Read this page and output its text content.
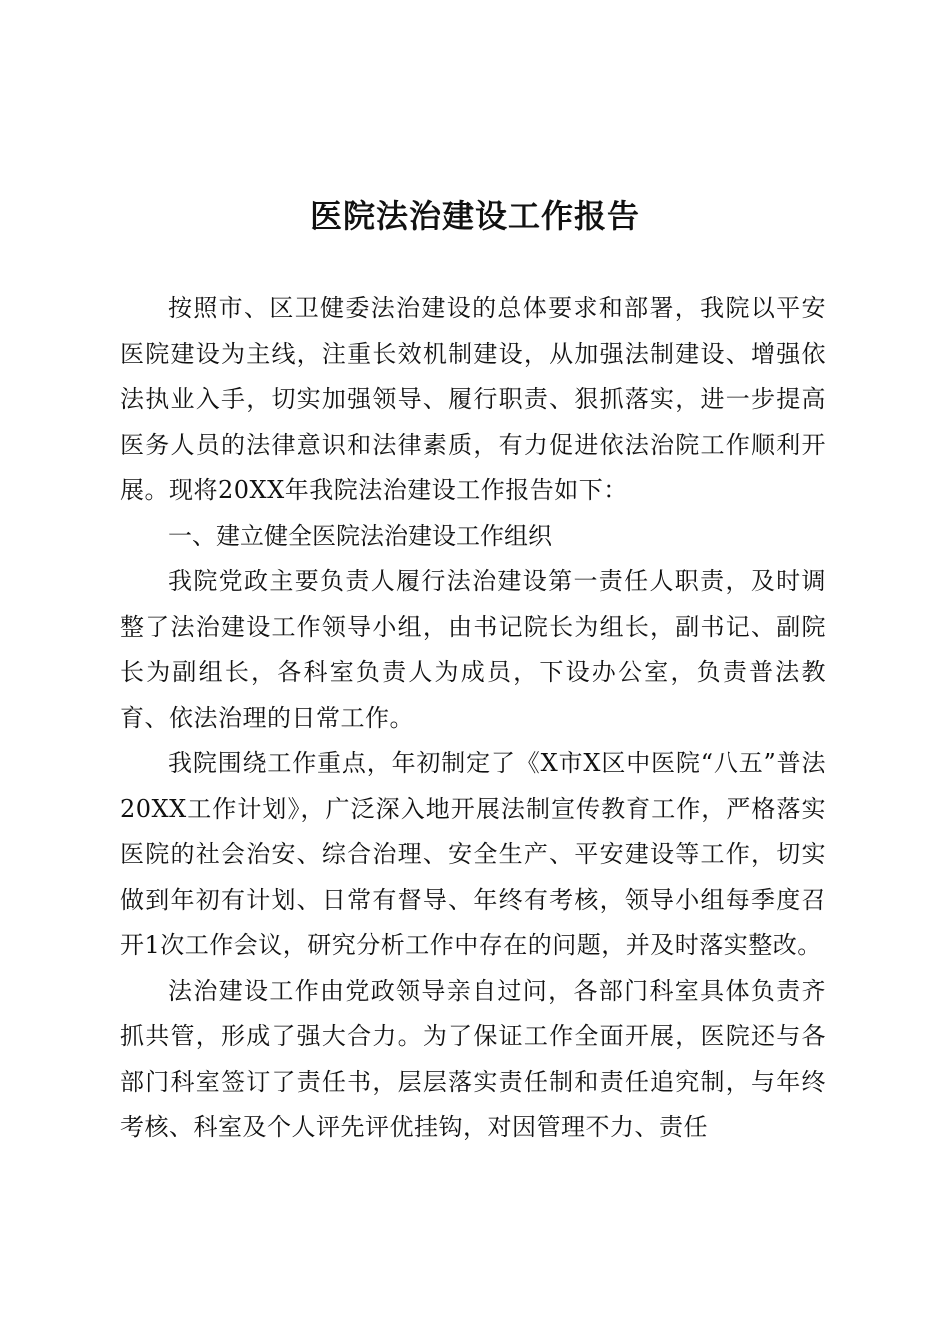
医院法治建设工作报告

按照市、区卫健委法治建设的总体要求和部署，我院以平安医院建设为主线，注重长效机制建设，从加强法制建设、增强依法执业入手，切实加强领导、履行职责、狠抓落实，进一步提高医务人员的法律意识和法律素质，有力促进依法治院工作顺利开展。现将20XX年我院法治建设工作报告如下：

一、建立健全医院法治建设工作组织

我院党政主要负责人履行法治建设第一责任人职责，及时调整了法治建设工作领导小组，由书记院长为组长，副书记、副院长为副组长，各科室负责人为成员，下设办公室，负责普法教育、依法治理的日常工作。

我院围绕工作重点，年初制定了《X市X区中医院“八五”普法20XX工作计划》，广泛深入地开展法制宣传教育工作，严格落实医院的社会治安、综合治理、安全生产、平安建设等工作，切实做到年初有计划、日常有督导、年终有考核，领导小组每季度召开1次工作会议，研究分析工作中存在的问题，并及时落实整改。

法治建设工作由党政领导亲自过问，各部门科室具体负责齐抓共管，形成了强大合力。为了保证工作全面开展，医院还与各部门科室签订了责任书，层层落实责任制和责任追究制，与年终考核、科室及个人评先评优挂钩，对因管理不力、责任
